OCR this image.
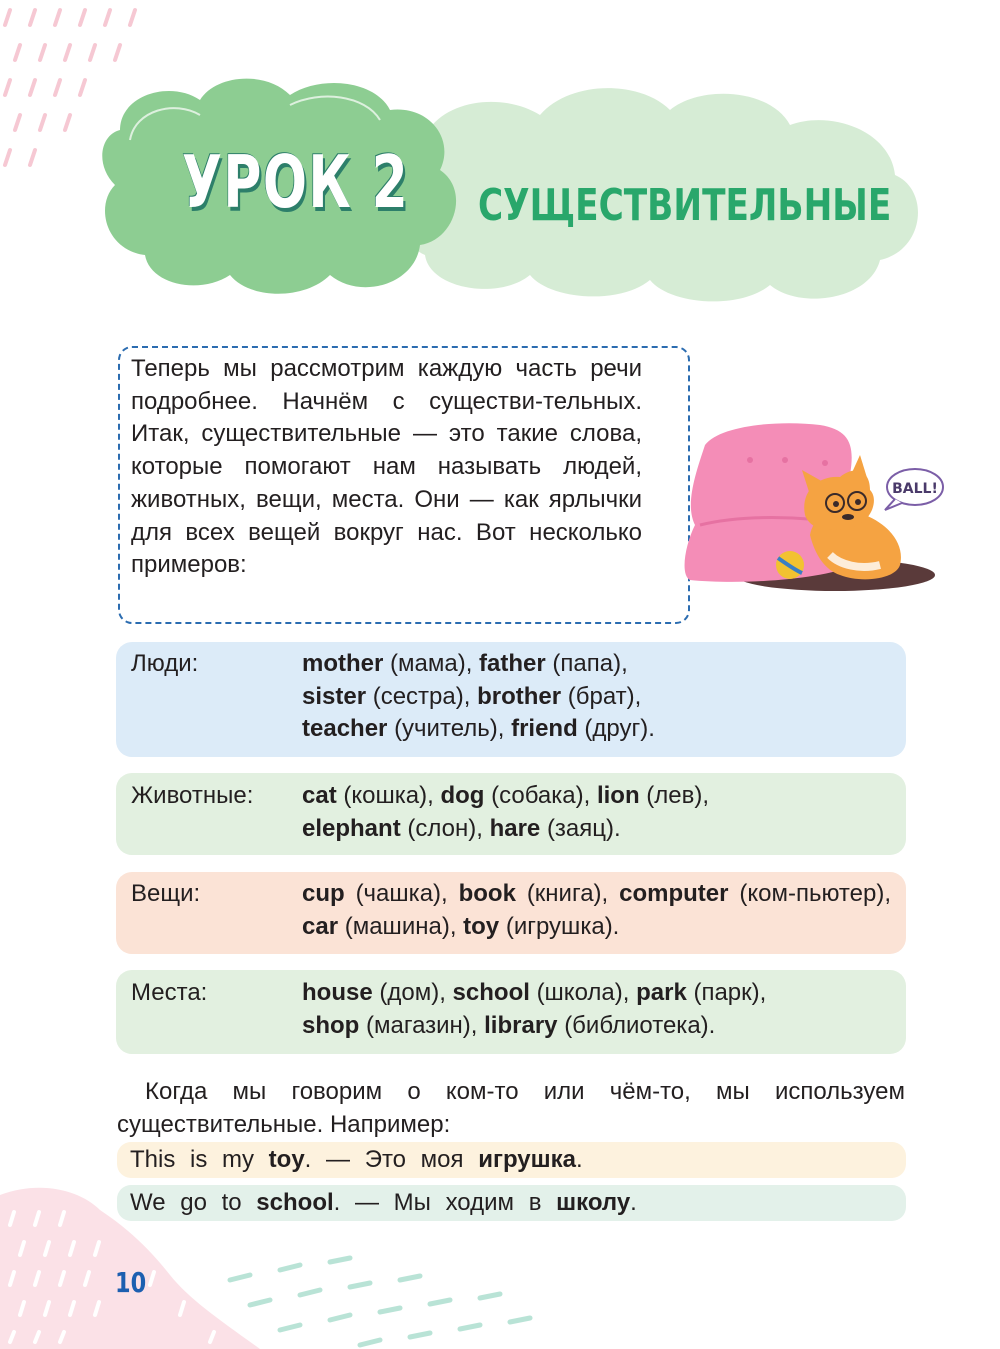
УРОК 2 СУЩЕСТВИТЕЛЬНЫЕ
Теперь мы рассмотрим каждую часть речи подробнее. Начнём с существи-тельных. Итак, существительные — это такие слова, которые помогают нам называть людей, животных, вещи, места. Они — как ярлычки для всех вещей вокруг нас. Вот несколько примеров:
BALL!
Люди:	mother (мама), father (папа),
sister (сестра), brother (брат),
teacher (учитель), friend (друг).
Животные: cat (кошка), dog (собака), lion (лев),
elephant (слон), hare (заяц).
Вещи:	cup (чашка), book (книга), computer (ком-пьютер), car (машина), toy (игрушка).
Места:	house (дом), school (школа), park (парк),
shop (магазин), library (библиотека).
Когда мы говорим о ком-то или чём-то, мы используем существительные. Например:
This is my toy. — Это моя игрушка.
We go to school. — Мы ходим в школу.
10
